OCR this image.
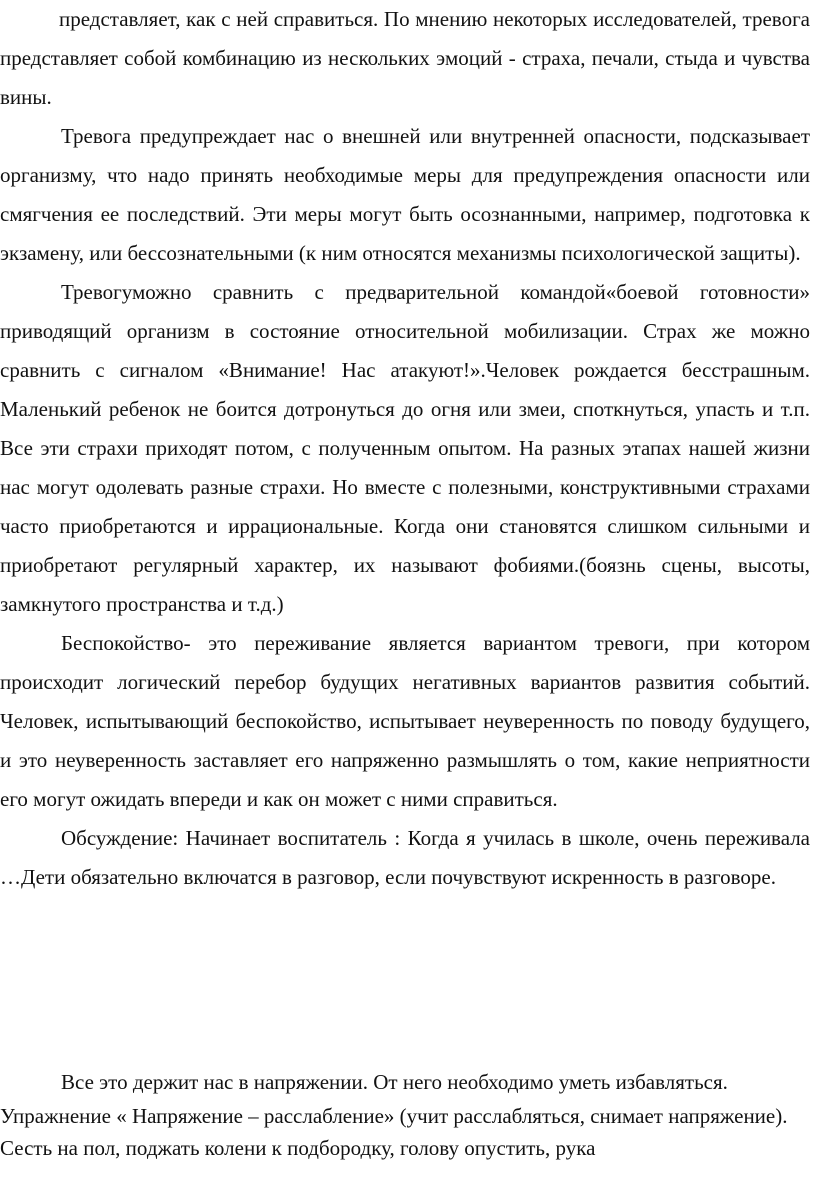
представляет, как с ней справиться. По мнению некоторых исследователей, тревога представляет собой комбинацию из нескольких эмоций - страха, печали, стыда и чувства вины.

Тревога предупреждает нас о внешней или внутренней опасности, подсказывает организму, что надо принять необходимые меры для предупреждения опасности или смягчения ее последствий. Эти меры могут быть осознанными, например, подготовка к экзамену, или бессознательными (к ним относятся механизмы психологической защиты).

Тревогуможно сравнить с предварительной командой«боевой готовности» приводящий организм в состояние относительной мобилизации. Страх же можно сравнить с сигналом «Внимание! Нас атакуют!».Человек рождается бесстрашным. Маленький ребенок не боится дотронуться до огня или змеи, споткнуться, упасть и т.п. Все эти страхи приходят потом, с полученным опытом. На разных этапах нашей жизни нас могут одолевать разные страхи. Но вместе с полезными, конструктивными страхами часто приобретаются и иррациональные. Когда они становятся слишком сильными и приобретают регулярный характер, их называют фобиями.(боязнь сцены, высоты, замкнутого пространства и т.д.)

Беспокойство- это переживание является вариантом тревоги, при котором происходит логический перебор будущих негативных вариантов развития событий. Человек, испытывающий беспокойство, испытывает неуверенность по поводу будущего, и это неуверенность заставляет его напряженно размышлять о том, какие неприятности его могут ожидать впереди и как он может с ними справиться.

Обсуждение: Начинает воспитатель : Когда я училась в школе, очень переживала …Дети обязательно включатся в разговор, если почувствуют искренность в разговоре.

Все это держит нас в напряжении. От него необходимо уметь избавляться.

Упражнение « Напряжение – расслабление» (учит расслабляться, снимает напряжение). Сесть на пол, поджать колени к подбородку, голову опустить, рука
